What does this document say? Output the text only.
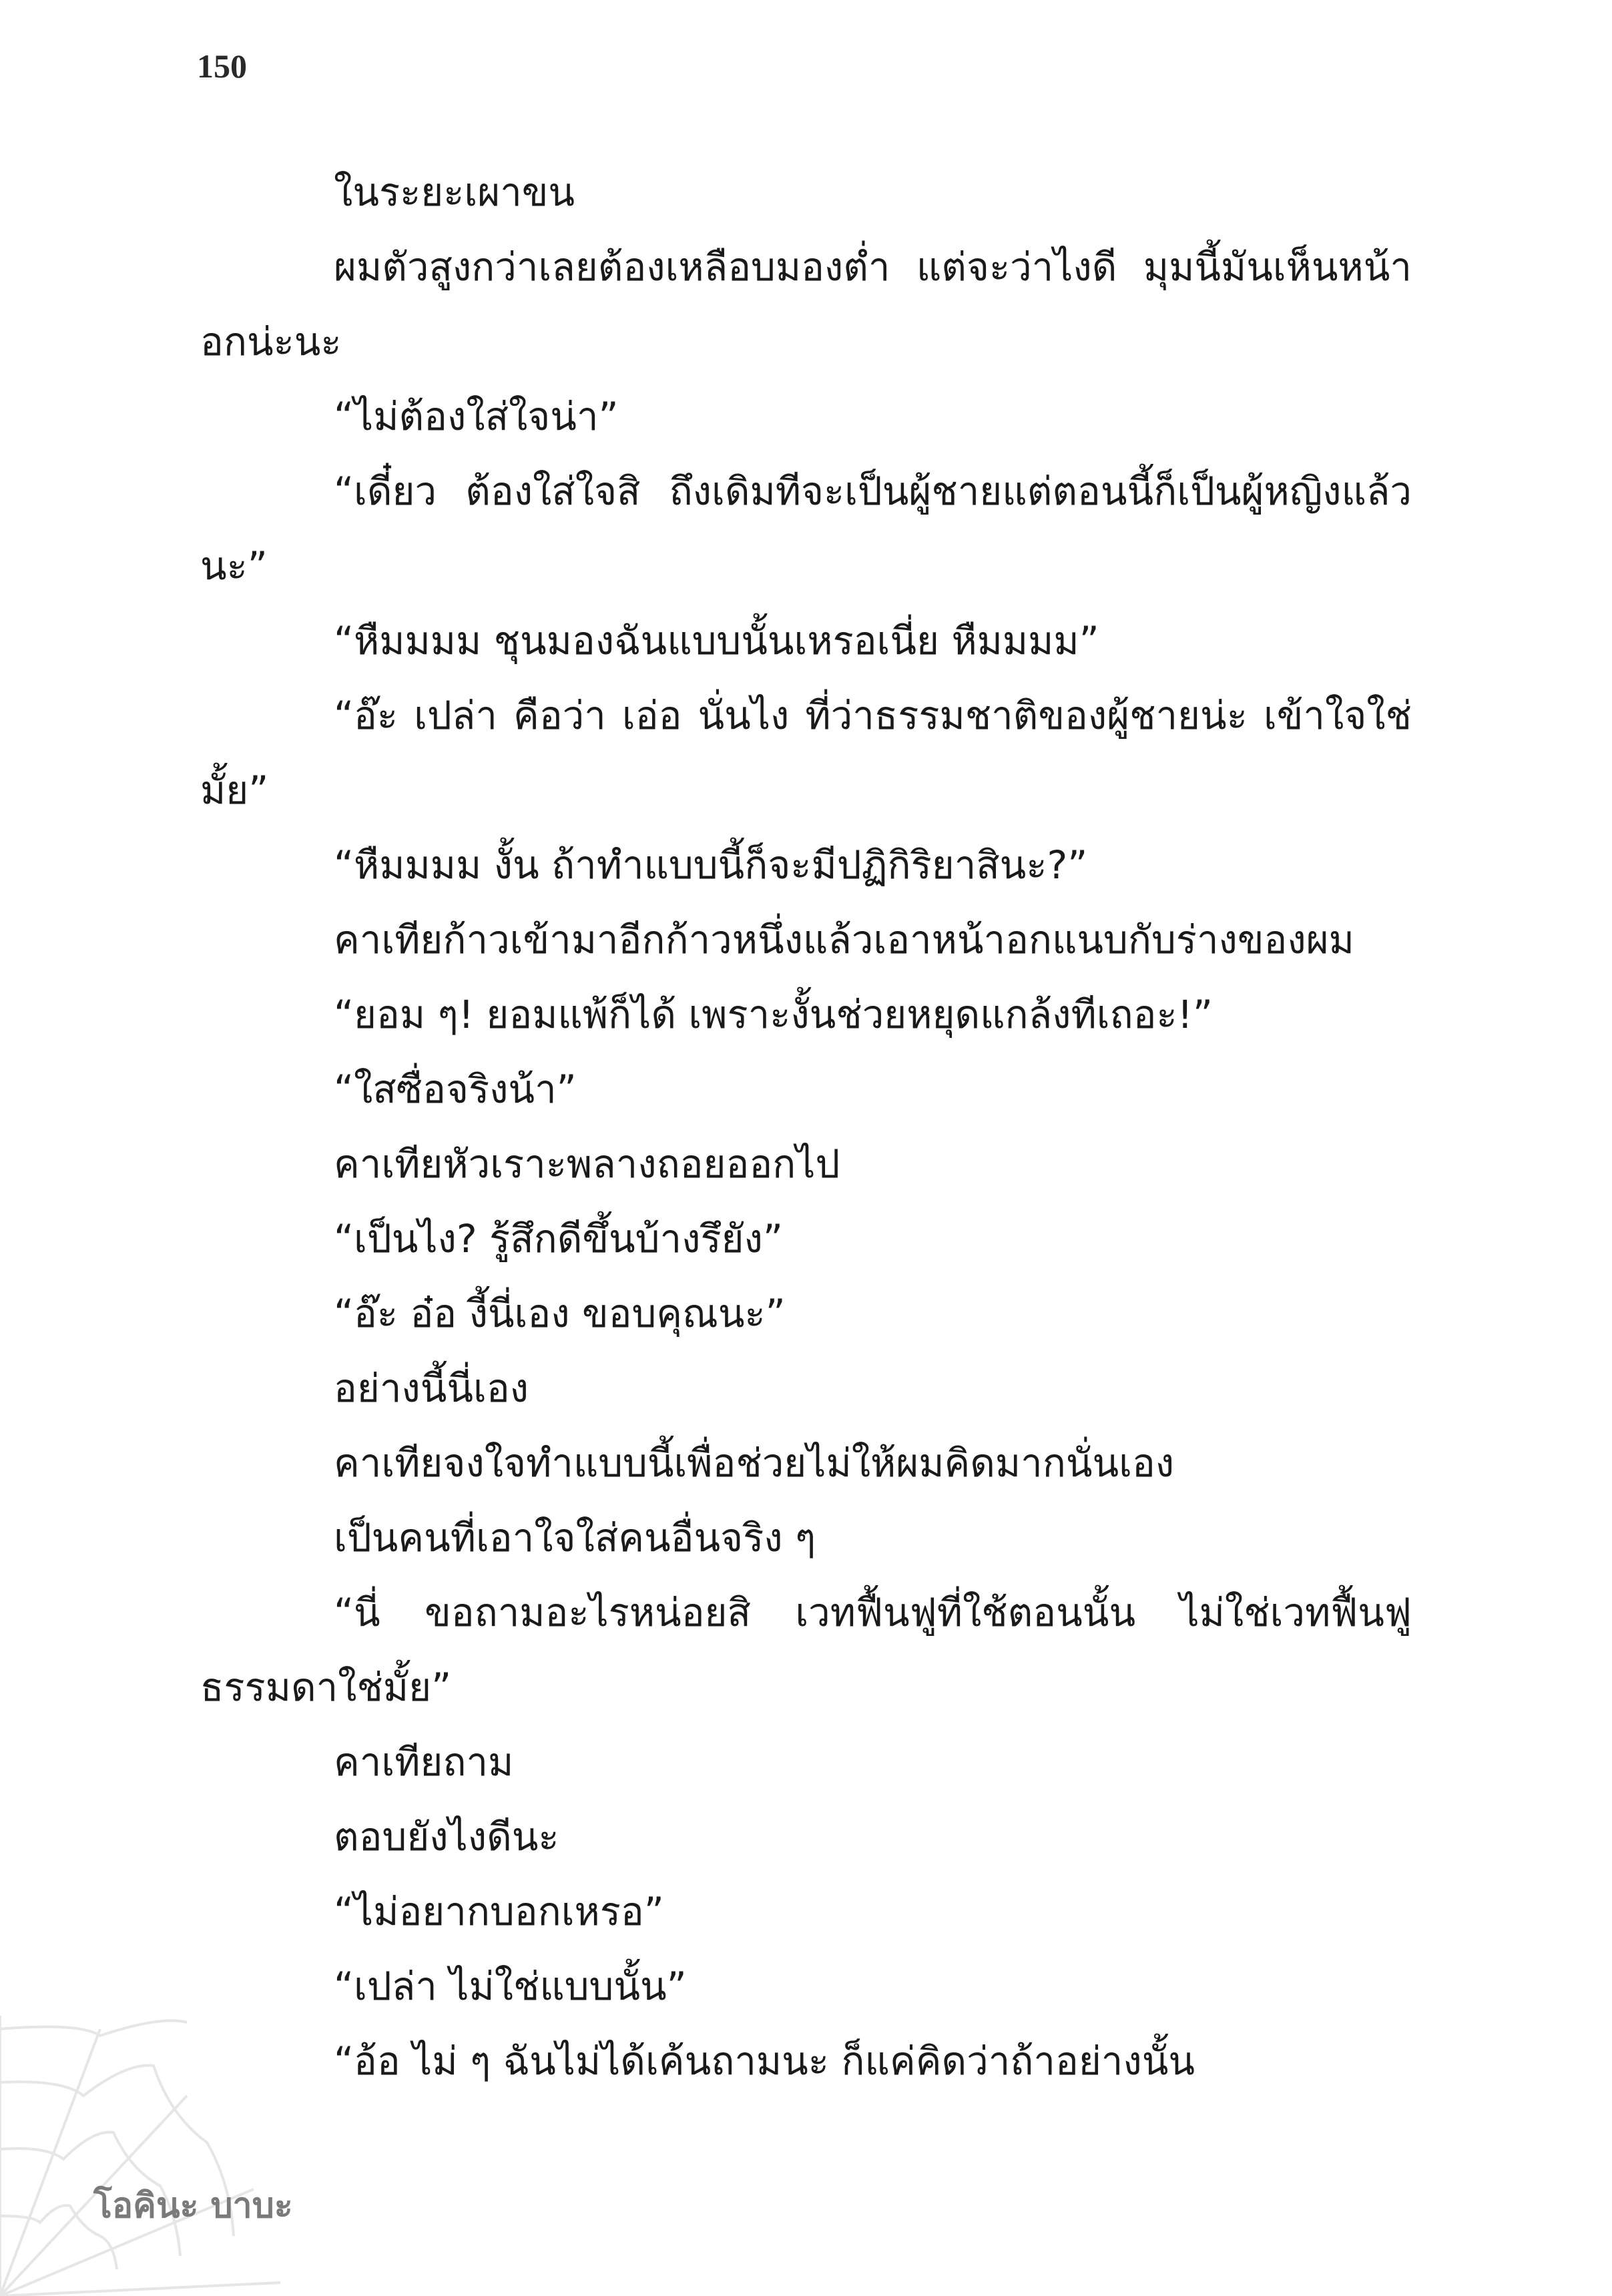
150

ในระยะเผาขน

ผมตัวสูงกว่าเลยต้องเหลือบมองต่ำ แต่จะว่าไงดี มุมนี้มันเห็นหน้าอกน่ะนะ

“ไม่ต้องใส่ใจน่า”

“เดี๋ยว ต้องใส่ใจสิ ถึงเดิมทีจะเป็นผู้ชายแต่ตอนนี้ก็เป็นผู้หญิงแล้วนะ”

“หืมมมม ชุนมองฉันแบบนั้นเหรอเนี่ย หืมมมม”

“อ๊ะ เปล่า คือว่า เอ่อ นั่นไง ที่ว่าธรรมชาติของผู้ชายน่ะ เข้าใจใช่มั้ย”

“หืมมมม งั้น ถ้าทำแบบนี้ก็จะมีปฏิกิริยาสินะ?”

คาเทียก้าวเข้ามาอีกก้าวหนึ่งแล้วเอาหน้าอกแนบกับร่างของผม

“ยอม ๆ! ยอมแพ้ก็ได้ เพราะงั้นช่วยหยุดแกล้งทีเถอะ!”

“ใสซื่อจริงน้า”

คาเทียหัวเราะพลางถอยออกไป

“เป็นไง? รู้สึกดีขึ้นบ้างรึยัง”

“อ๊ะ อ๋อ งี้นี่เอง ขอบคุณนะ”

อย่างนี้นี่เอง

คาเทียจงใจทำแบบนี้เพื่อช่วยไม่ให้ผมคิดมากนั่นเอง

เป็นคนที่เอาใจใส่คนอื่นจริง ๆ

“นี่ ขอถามอะไรหน่อยสิ เวทฟื้นฟูที่ใช้ตอนนั้น ไม่ใช่เวทฟื้นฟูธรรมดาใช่มั้ย”

คาเทียถาม

ตอบยังไงดีนะ

“ไม่อยากบอกเหรอ”

“เปล่า ไม่ใช่แบบนั้น”

“อ้อ ไม่ ๆ ฉันไม่ได้เค้นถามนะ ก็แค่คิดว่าถ้าอย่างนั้น

โอคินะ บาบะ
